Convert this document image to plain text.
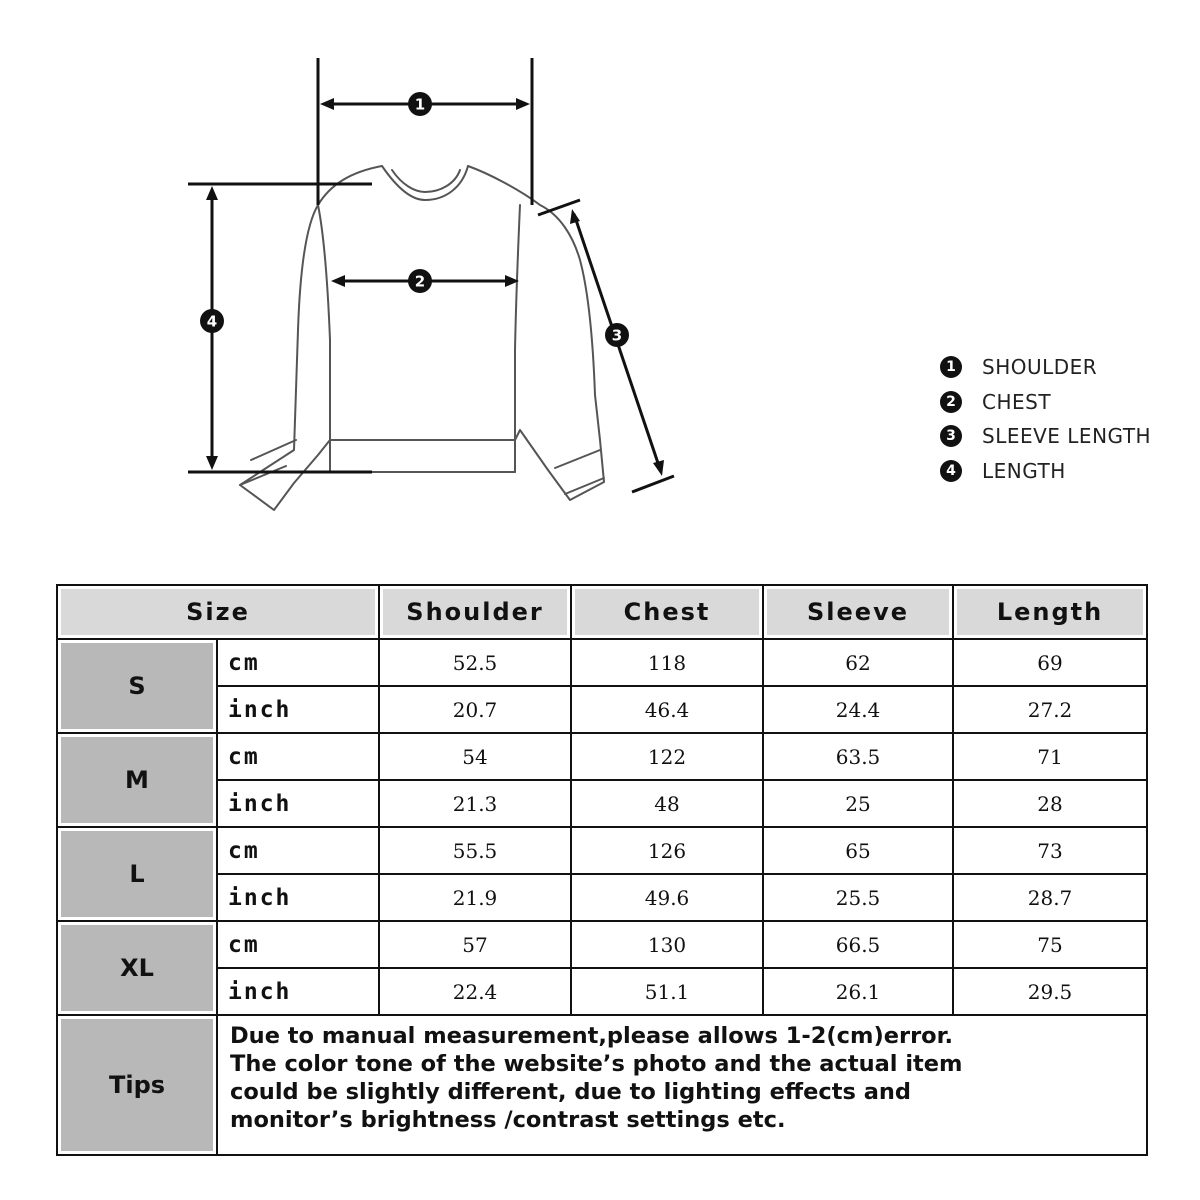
1
2
4
3
1	SHOULDER
2	CHEST
3	SLEEVE LENGTH
4	LENGTH
Size		Shoulder	Chest	Sleeve	Length
S	cm	52.5	118	62	69
	inch	20.7	46.4	24.4	27.2
M	cm	54	122	63.5	71
	inch	21.3	48	25	28
L	cm	55.5	126	65	73
	inch	21.9	49.6	25.5	28.7
XL	cm	57	130	66.5	75
	inch	22.4	51.1	26.1	29.5
Tips	Due to manual measurement,please allows 1-2(cm)error.
The color tone of the website’s photo and the actual item
could be slightly different, due to lighting effects and
monitor’s brightness /contrast settings etc.				
